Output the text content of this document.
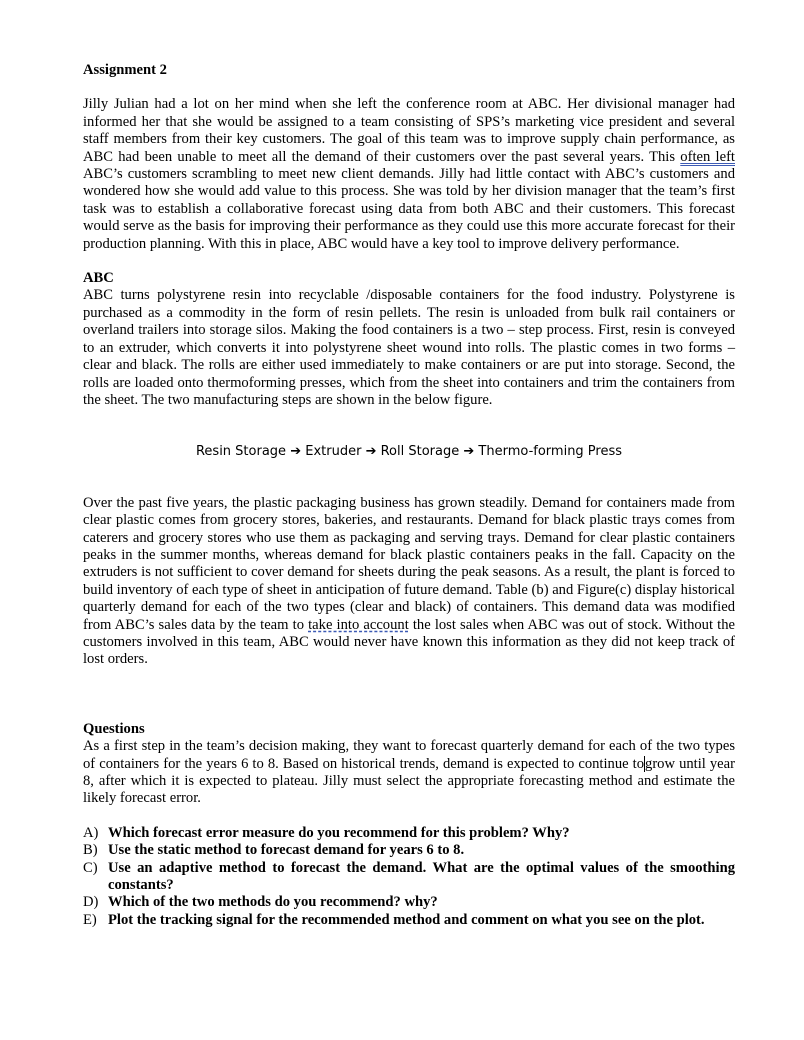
Assignment 2

Jilly Julian had a lot on her mind when she left the conference room at ABC. Her divisional manager had informed her that she would be assigned to a team consisting of SPS’s marketing vice president and several staff members from their key customers. The goal of this team was to improve supply chain performance, as ABC had been unable to meet all the demand of their customers over the past several years. This often left ABC’s customers scrambling to meet new client demands. Jilly had little contact with ABC’s customers and wondered how she would add value to this process. She was told by her division manager that the team’s first task was to establish a collaborative forecast using data from both ABC and their customers. This forecast would serve as the basis for improving their performance as they could use this more accurate forecast for their production planning. With this in place, ABC would have a key tool to improve delivery performance.

ABC

ABC turns polystyrene resin into recyclable /disposable containers for the food industry. Polystyrene is purchased as a commodity in the form of resin pellets. The resin is unloaded from bulk rail containers or overland trailers into storage silos. Making the food containers is a two – step process. First, resin is conveyed to an extruder, which converts it into polystyrene sheet wound into rolls. The plastic comes in two forms – clear and black. The rolls are either used immediately to make containers or are put into storage. Second, the rolls are loaded onto thermoforming presses, which from the sheet into containers and trim the containers from the sheet. The two manufacturing steps are shown in the below figure.

Resin Storage ➔ Extruder ➔ Roll Storage ➔ Thermo-forming Press

Over the past five years, the plastic packaging business has grown steadily. Demand for containers made from clear plastic comes from grocery stores, bakeries, and restaurants. Demand for black plastic trays comes from caterers and grocery stores who use them as packaging and serving trays. Demand for clear plastic containers peaks in the summer months, whereas demand for black plastic containers peaks in the fall. Capacity on the extruders is not sufficient to cover demand for sheets during the peak seasons. As a result, the plant is forced to build inventory of each type of sheet in anticipation of future demand. Table (b) and Figure(c) display historical quarterly demand for each of the two types (clear and black) of containers. This demand data was modified from ABC’s sales data by the team to take into account the lost sales when ABC was out of stock. Without the customers involved in this team, ABC would never have known this information as they did not keep track of lost orders.

Questions

As a first step in the team’s decision making, they want to forecast quarterly demand for each of the two types of containers for the years 6 to 8. Based on historical trends, demand is expected to continue togrow until year 8, after which it is expected to plateau. Jilly must select the appropriate forecasting method and estimate the likely forecast error.

A) Which forecast error measure do you recommend for this problem? Why?
B) Use the static method to forecast demand for years 6 to 8.
C) Use an adaptive method to forecast the demand. What are the optimal values of the smoothing constants?
D) Which of the two methods do you recommend? why?
E) Plot the tracking signal for the recommended method and comment on what you see on the plot.
